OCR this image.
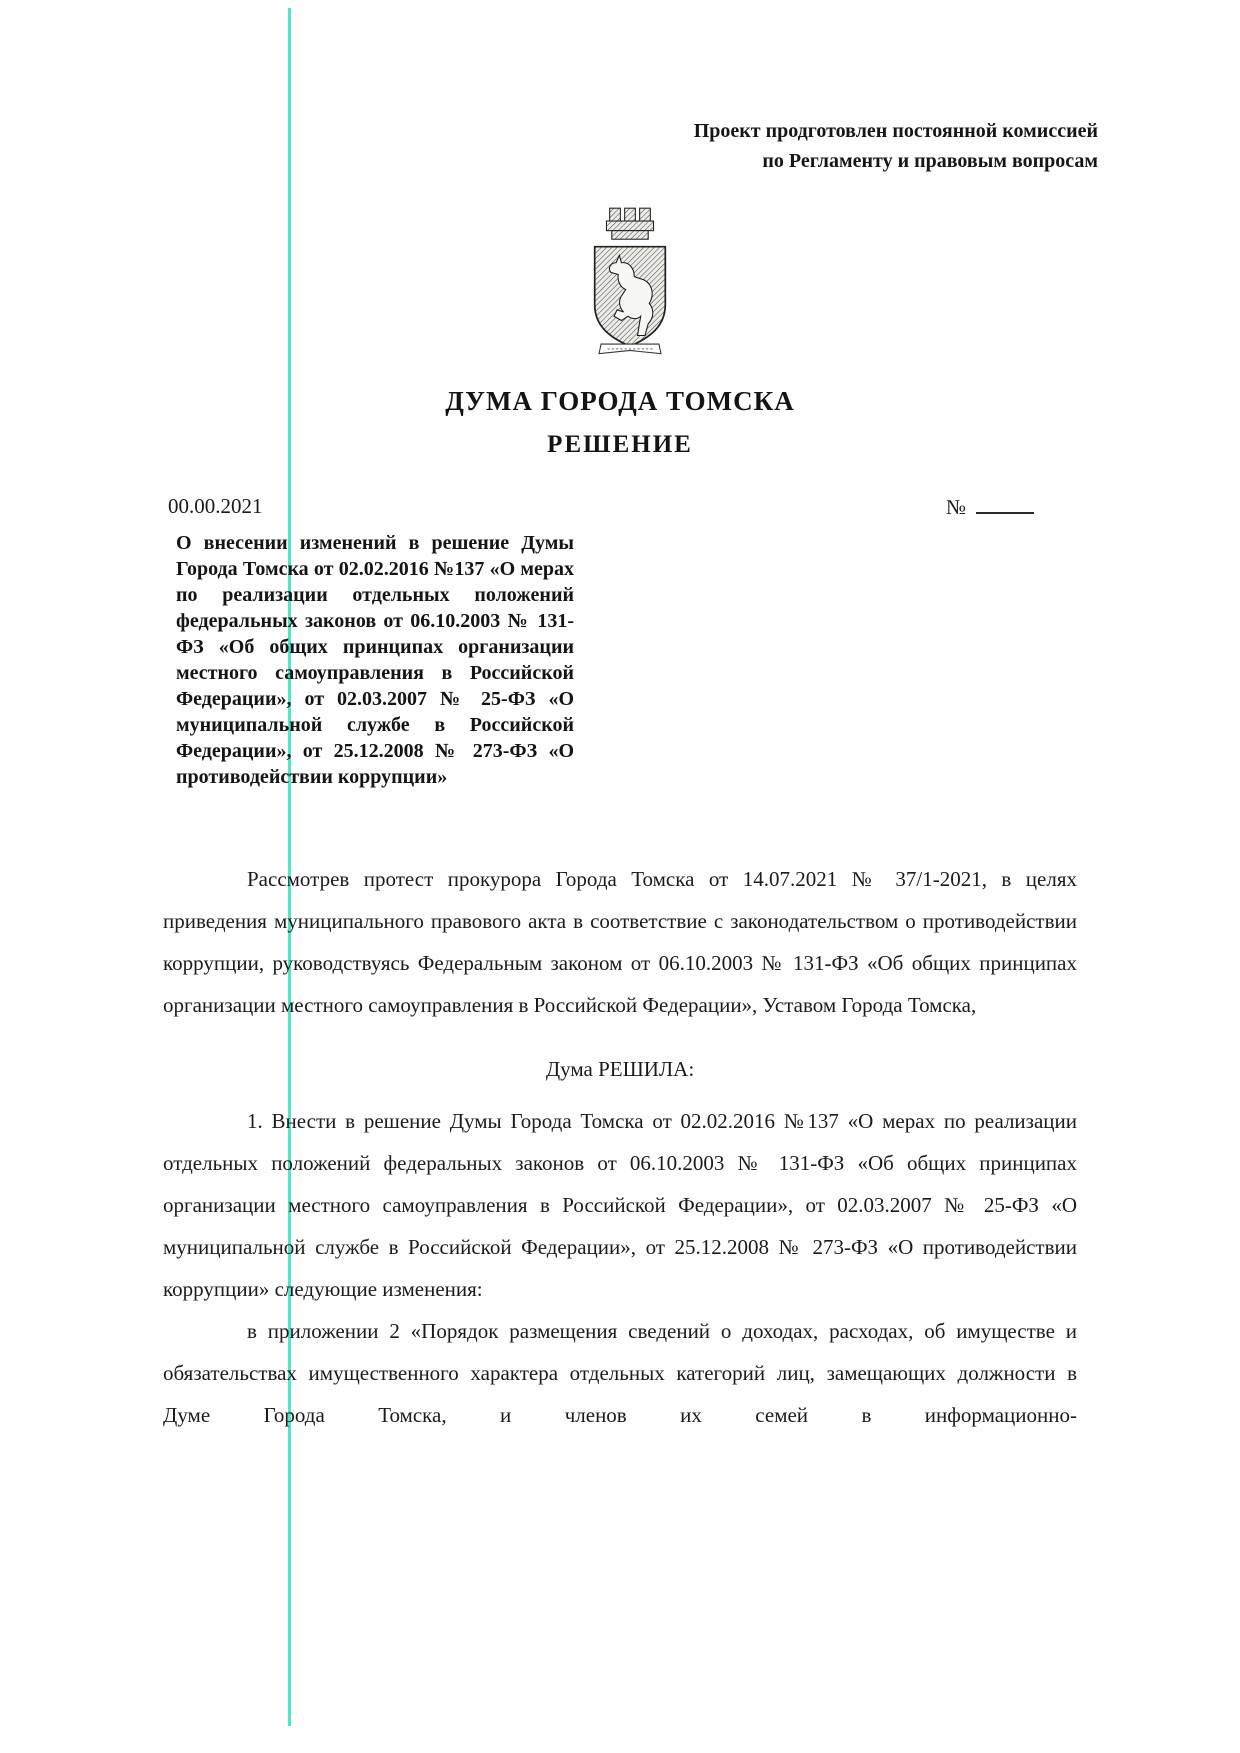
Проект продготовлен постоянной комиссией
по Регламенту и правовым вопросам
ДУМА ГОРОДА ТОМСКА
РЕШЕНИЕ
00.00.2021	№
О внесении изменений в решение Думы Города Томска от 02.02.2016 №137 «О мерах по реализации отдельных положений федеральных законов от 06.10.2003 № 131-ФЗ «Об общих принципах организации местного самоуправления в Российской Федерации», от 02.03.2007 № 25-ФЗ «О муниципальной службе в Российской Федерации», от 25.12.2008 № 273-ФЗ «О противодействии коррупции»

Рассмотрев протест прокурора Города Томска от 14.07.2021 № 37/1-2021, в целях приведения муниципального правового акта в соответствие с законодательством о противодействии коррупции, руководствуясь Федеральным законом от 06.10.2003 № 131-ФЗ «Об общих принципах организации местного самоуправления в Российской Федерации», Уставом Города Томска,

Дума РЕШИЛА:

1. Внести в решение Думы Города Томска от 02.02.2016 №137 «О мерах по реализации отдельных положений федеральных законов от 06.10.2003 № 131-ФЗ «Об общих принципах организации местного самоуправления в Российской Федерации», от 02.03.2007 № 25-ФЗ «О муниципальной службе в Российской Федерации», от 25.12.2008 № 273-ФЗ «О противодействии коррупции» следующие изменения:

в приложении 2 «Порядок размещения сведений о доходах, расходах, об имуществе и обязательствах имущественного характера отдельных категорий лиц, замещающих должности в Думе Города Томска, и членов их семей в информационно-
